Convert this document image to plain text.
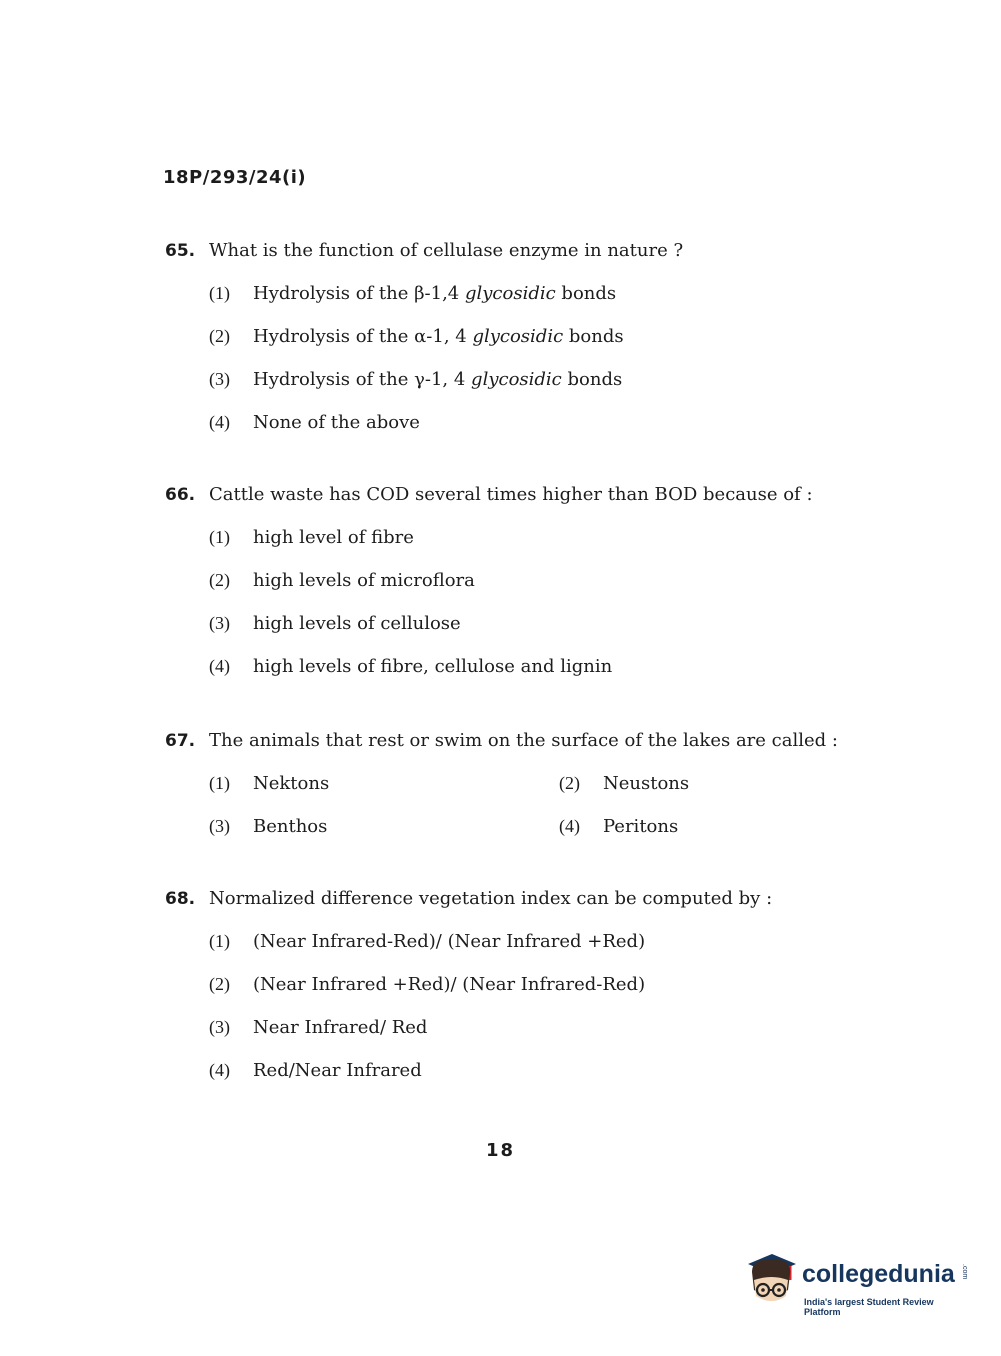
18P/293/24(i)
65. What is the function of cellulase enzyme in nature ?
(1)	Hydrolysis of the β-1,4 glycosidic bonds
(2)	Hydrolysis of the α-1, 4 glycosidic bonds
(3)	Hydrolysis of the γ-1, 4 glycosidic bonds
(4)	None of the above
66. Cattle waste has COD several times higher than BOD because of :
(1)	high level of fibre
(2)	high levels of microflora
(3)	high levels of cellulose
(4)	high levels of fibre, cellulose and lignin
67. The animals that rest or swim on the surface of the lakes are called :
(1)	Nektons	(2)	Neustons
(3)	Benthos	(4)	Peritons
68. Normalized difference vegetation index can be computed by :
(1)	(Near Infrared-Red)/ (Near Infrared +Red)
(2)	(Near Infrared +Red)/ (Near Infrared-Red)
(3)	Near Infrared/ Red
(4)	Red/Near Infrared
18
collegedunia .com
India's largest Student Review Platform
